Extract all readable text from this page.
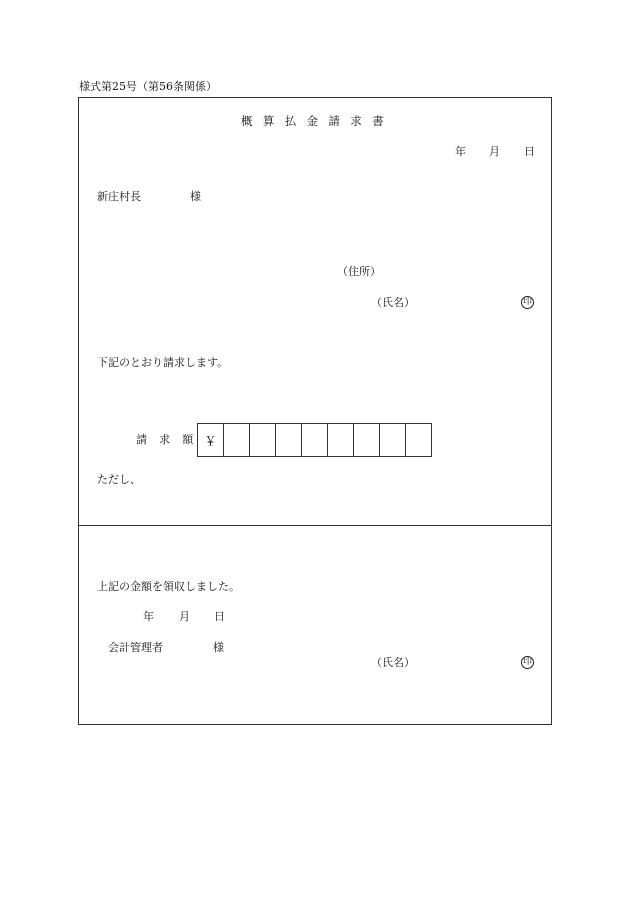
様式第25号（第56条関係）
概算払金請求書
年 月 日
新庄村長	様
（住所）
（氏名）	印
下記のとおり請求します。
請求額 ￥
ただし、
上記の金額を領収しました。
年 月 日
会計管理者	様
（氏名）	印
